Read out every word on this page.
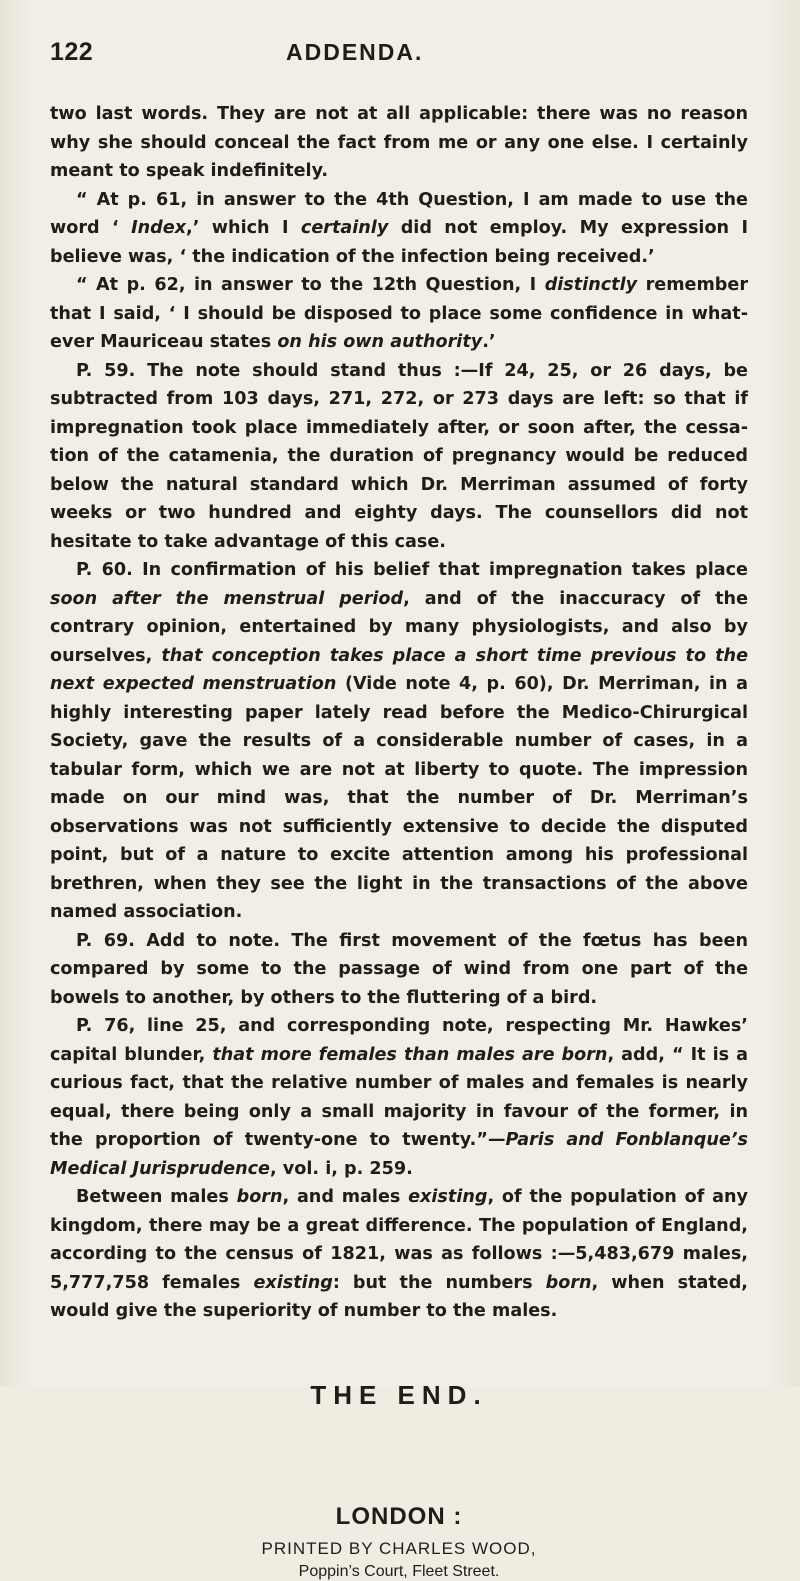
122	ADDENDA.

two last words. They are not at all applicable: there was no reason why she should conceal the fact from me or any one else. I certainly meant to speak indefinitely.

“ At p. 61, in answer to the 4th Question, I am made to use the word ‘ Index,’ which I certainly did not employ. My expression I believe was, ‘ the indication of the infection being received.’

“ At p. 62, in answer to the 12th Question, I distinctly remember that I said, ‘ I should be disposed to place some confidence in whatever Mauriceau states on his own authority.’

P. 59. The note should stand thus :—If 24, 25, or 26 days, be subtracted from 103 days, 271, 272, or 273 days are left: so that if impregnation took place immediately after, or soon after, the cessation of the catamenia, the duration of pregnancy would be reduced below the natural standard which Dr. Merriman assumed of forty weeks or two hundred and eighty days. The counsellors did not hesitate to take advantage of this case.

P. 60. In confirmation of his belief that impregnation takes place soon after the menstrual period, and of the inaccuracy of the contrary opinion, entertained by many physiologists, and also by ourselves, that conception takes place a short time previous to the next expected menstruation (Vide note 4, p. 60), Dr. Merriman, in a highly interesting paper lately read before the Medico-Chirurgical Society, gave the results of a considerable number of cases, in a tabular form, which we are not at liberty to quote. The impression made on our mind was, that the number of Dr. Merriman’s observations was not sufficiently extensive to decide the disputed point, but of a nature to excite attention among his professional brethren, when they see the light in the transactions of the above named association.

P. 69. Add to note. The first movement of the fœtus has been compared by some to the passage of wind from one part of the bowels to another, by others to the fluttering of a bird.

P. 76, line 25, and corresponding note, respecting Mr. Hawkes’ capital blunder, that more females than males are born, add, “ It is a curious fact, that the relative number of males and females is nearly equal, there being only a small majority in favour of the former, in the proportion of twenty-one to twenty.”—Paris and Fonblanque’s Medical Jurisprudence, vol. i, p. 259.

Between males born, and males existing, of the population of any kingdom, there may be a great difference. The population of England, according to the census of 1821, was as follows :—5,483,679 males, 5,777,758 females existing: but the numbers born, when stated, would give the superiority of number to the males.

THE END.
LONDON :
PRINTED BY CHARLES WOOD,
Poppin’s Court, Fleet Street.
